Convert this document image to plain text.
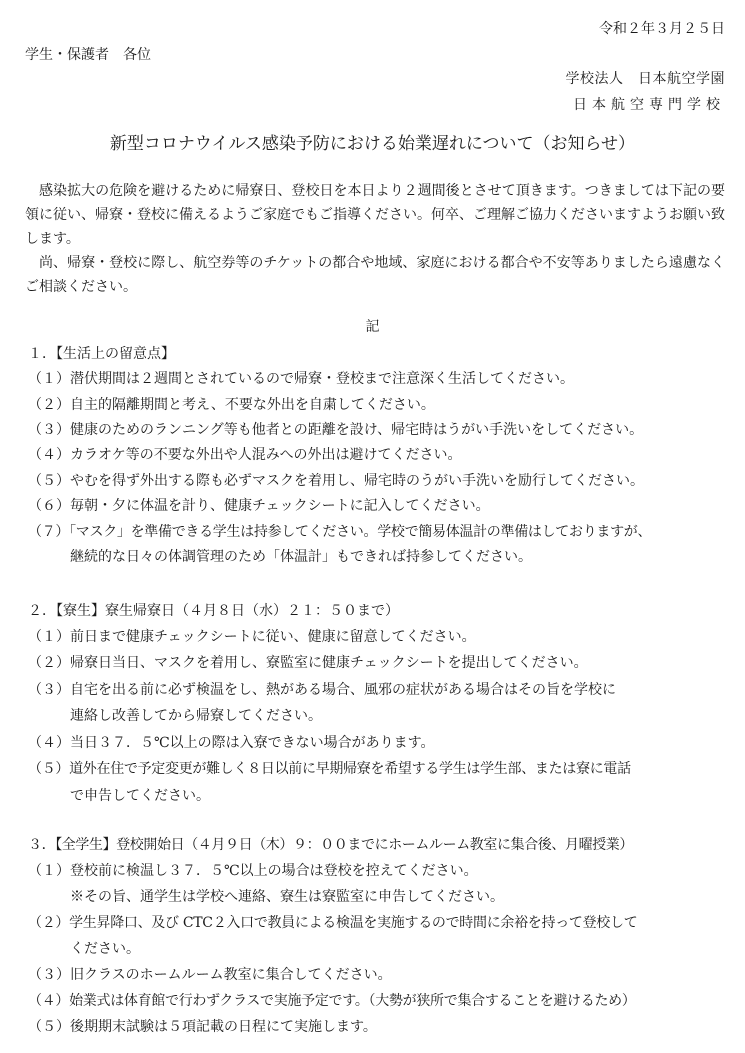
令和２年３月２５日
学生・保護者　各位
学校法人　日本航空学園
日本航空専門学校
新型コロナウイルス感染予防における始業遅れについて（お知らせ）
　感染拡大の危険を避けるために帰寮日、登校日を本日より２週間後とさせて頂きます。つきましては下記の要領に従い、帰寮・登校に備えるようご家庭でもご指導ください。何卒、ご理解ご協力くださいますようお願い致します。
　尚、帰寮・登校に際し、航空券等のチケットの都合や地域、家庭における都合や不安等ありましたら遠慮なくご相談ください。
記
１．【生活上の留意点】
（１）潜伏期間は２週間とされているので帰寮・登校まで注意深く生活してください。
（２）自主的隔離期間と考え、不要な外出を自粛してください。
（３）健康のためのランニング等も他者との距離を設け、帰宅時はうがい手洗いをしてください。
（４）カラオケ等の不要な外出や人混みへの外出は避けてください。
（５）やむを得ず外出する際も必ずマスクを着用し、帰宅時のうがい手洗いを励行してください。
（６）毎朝・夕に体温を計り、健康チェックシートに記入してください。
（７）「マスク」を準備できる学生は持参してください。学校で簡易体温計の準備はしておりますが、
継続的な日々の体調管理のため「体温計」もできれば持参してください。
２．【寮生】寮生帰寮日（４月８日（水）２１：５０まで）
（１）前日まで健康チェックシートに従い、健康に留意してください。
（２）帰寮日当日、マスクを着用し、寮監室に健康チェックシートを提出してください。
（３）自宅を出る前に必ず検温をし、熱がある場合、風邪の症状がある場合はその旨を学校に
連絡し改善してから帰寮してください。
（４）当日３７．５℃以上の際は入寮できない場合があります。
（５）道外在住で予定変更が難しく８日以前に早期帰寮を希望する学生は学生部、または寮に電話
で申告してください。
３．【全学生】登校開始日（４月９日（木）９：００までにホームルーム教室に集合後、月曜授業）
（１）登校前に検温し３７．５℃以上の場合は登校を控えてください。
※その旨、通学生は学校へ連絡、寮生は寮監室に申告してください。
（２）学生昇降口、及び CTC２入口で教員による検温を実施するので時間に余裕を持って登校して
ください。
（３）旧クラスのホームルーム教室に集合してください。
（４）始業式は体育館で行わずクラスで実施予定です。（大勢が狭所で集合することを避けるため）
（５）後期期末試験は５項記載の日程にて実施します。
